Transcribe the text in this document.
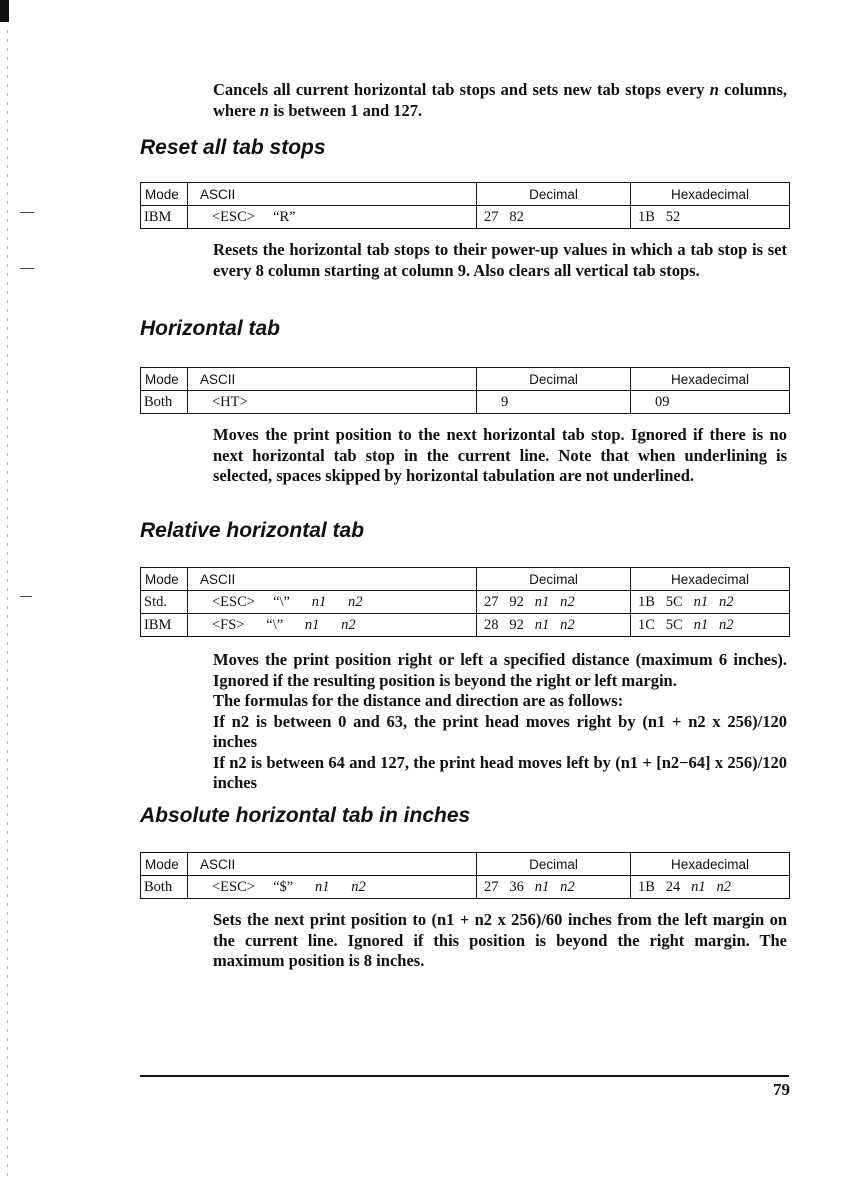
Cancels all current horizontal tab stops and sets new tab stops every n columns, where n is between 1 and 127.

Reset all tab stops
Mode	ASCII	Decimal	Hexadecimal
IBM	<ESC>     “R”	27   82	1B   52

Resets the horizontal tab stops to their power-up values in which a tab stop is set every 8 column starting at column 9. Also clears all vertical tab stops.

Horizontal tab
Mode	ASCII	Decimal	Hexadecimal
Both	<HT>	9	09

Moves the print position to the next horizontal tab stop. Ignored if there is no next horizontal tab stop in the current line. Note that when underlining is selected, spaces skipped by horizontal tabulation are not underlined.

Relative horizontal tab
Mode	ASCII	Decimal	Hexadecimal
Std.	<ESC>     “\”      n1 n2	27   92   n1 n2	1B   5C   n1 n2
IBM	<FS>      “\”      n1 n2	28   92   n1 n2	1C   5C   n1 n2

Moves the print position right or left a specified distance (maximum 6 inches). Ignored if the resulting position is beyond the right or left margin.

The formulas for the distance and direction are as follows:

If n2 is between 0 and 63, the print head moves right by (n1 + n2 x 256)/120 inches

If n2 is between 64 and 127, the print head moves left by (n1 + [n2−64] x 256)/120 inches

Absolute horizontal tab in inches
Mode	ASCII	Decimal	Hexadecimal
Both	<ESC>     “$”      n1 n2	27   36   n1 n2	1B   24   n1 n2

Sets the next print position to (n1 + n2 x 256)/60 inches from the left margin on the current line. Ignored if this position is beyond the right margin. The maximum position is 8 inches.

79
